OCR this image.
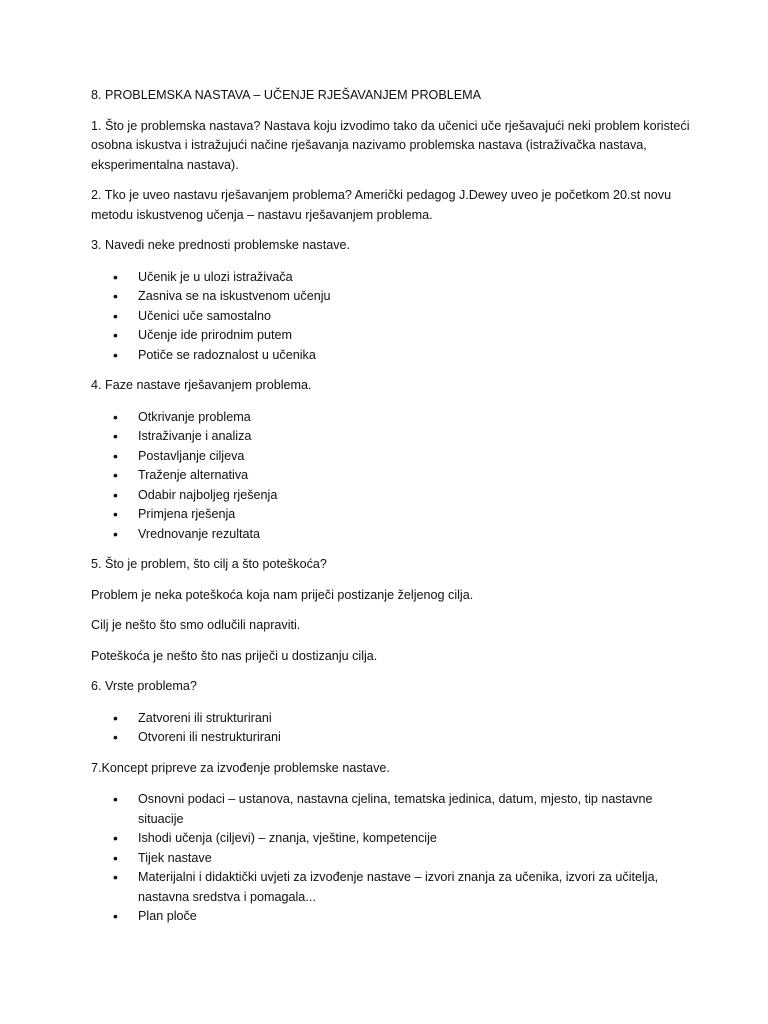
8. PROBLEMSKA NASTAVA – UČENJE RJEŠAVANJEM PROBLEMA

1. Što je problemska nastava? Nastava koju izvodimo tako da učenici uče rješavajući neki problem koristeći osobna iskustva i istražujući načine rješavanja nazivamo problemska nastava (istraživačka nastava, eksperimentalna nastava).

2. Tko je uveo nastavu rješavanjem problema? Američki pedagog J.Dewey uveo je početkom 20.st novu metodu iskustvenog učenja – nastavu rješavanjem problema.

3. Navedi neke prednosti problemske nastave.

• Učenik je u ulozi istraživača
• Zasniva se na iskustvenom učenju
• Učenici uče samostalno
• Učenje ide prirodnim putem
• Potiče se radoznalost u učenika

4. Faze nastave rješavanjem problema.

• Otkrivanje problema
• Istraživanje i analiza
• Postavljanje ciljeva
• Traženje alternativa
• Odabir najboljeg rješenja
• Primjena rješenja
• Vrednovanje rezultata

5. Što je problem, što cilj a što poteškoća?

Problem je neka poteškoća koja nam priječi postizanje željenog cilja.

Cilj je nešto što smo odlučili napraviti.

Poteškoća je nešto što nas priječi u dostizanju cilja.

6. Vrste problema?

• Zatvoreni ili strukturirani
• Otvoreni ili nestrukturirani

7.Koncept pripreve za izvođenje problemske nastave.

• Osnovni podaci – ustanova, nastavna cjelina, tematska jedinica, datum, mjesto, tip nastavne situacije
• Ishodi učenja (ciljevi) – znanja, vještine, kompetencije
• Tijek nastave
• Materijalni i didaktički uvjeti za izvođenje nastave – izvori znanja za učenika, izvori za učitelja, nastavna sredstva i pomagala...
• Plan ploče
